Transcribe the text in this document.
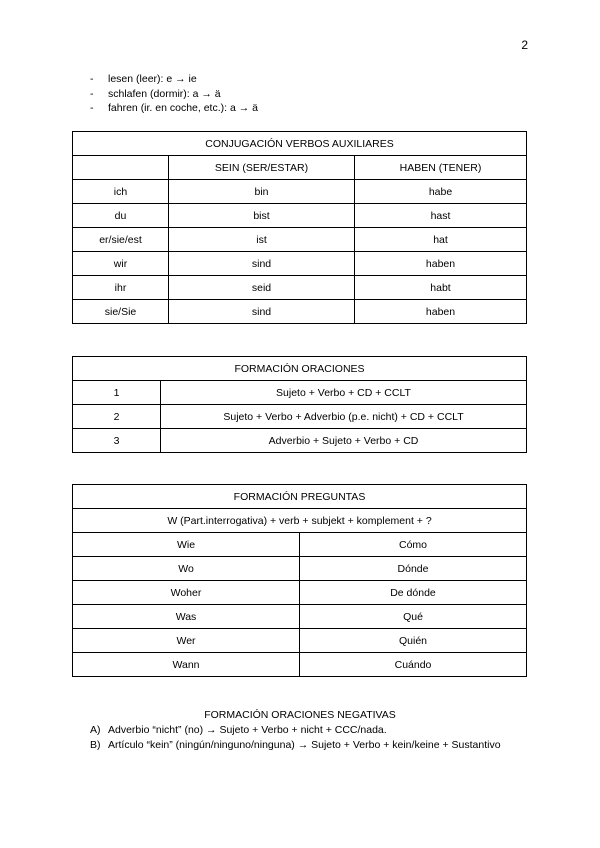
2
-	lesen (leer): e → ie
-	schlafen (dormir): a → ä
-	fahren (ir. en coche, etc.): a → ä
CONJUGACIÓN VERBOS AUXILIARES		
	SEIN (SER/ESTAR)	HABEN (TENER)
ich	bin	habe
du	bist	hast
er/sie/est	ist	hat
wir	sind	haben
ihr	seid	habt
sie/Sie	sind	haben
FORMACIÓN ORACIONES	
1	Sujeto + Verbo + CD + CCLT
2	Sujeto + Verbo + Adverbio (p.e. nicht) + CD + CCLT
3	Adverbio + Sujeto + Verbo + CD
FORMACIÓN PREGUNTAS	
W (Part.interrogativa) + verb + subjekt + komplement + ?	
Wie	Cómo
Wo	Dónde
Woher	De dónde
Was	Qué
Wer	Quién
Wann	Cuándo
FORMACIÓN ORACIONES NEGATIVAS
A) Adverbio “nicht” (no) → Sujeto + Verbo + nicht + CCC/nada.
B) Artículo “kein” (ningún/ninguno/ninguna) → Sujeto + Verbo + kein/keine + Sustantivo
